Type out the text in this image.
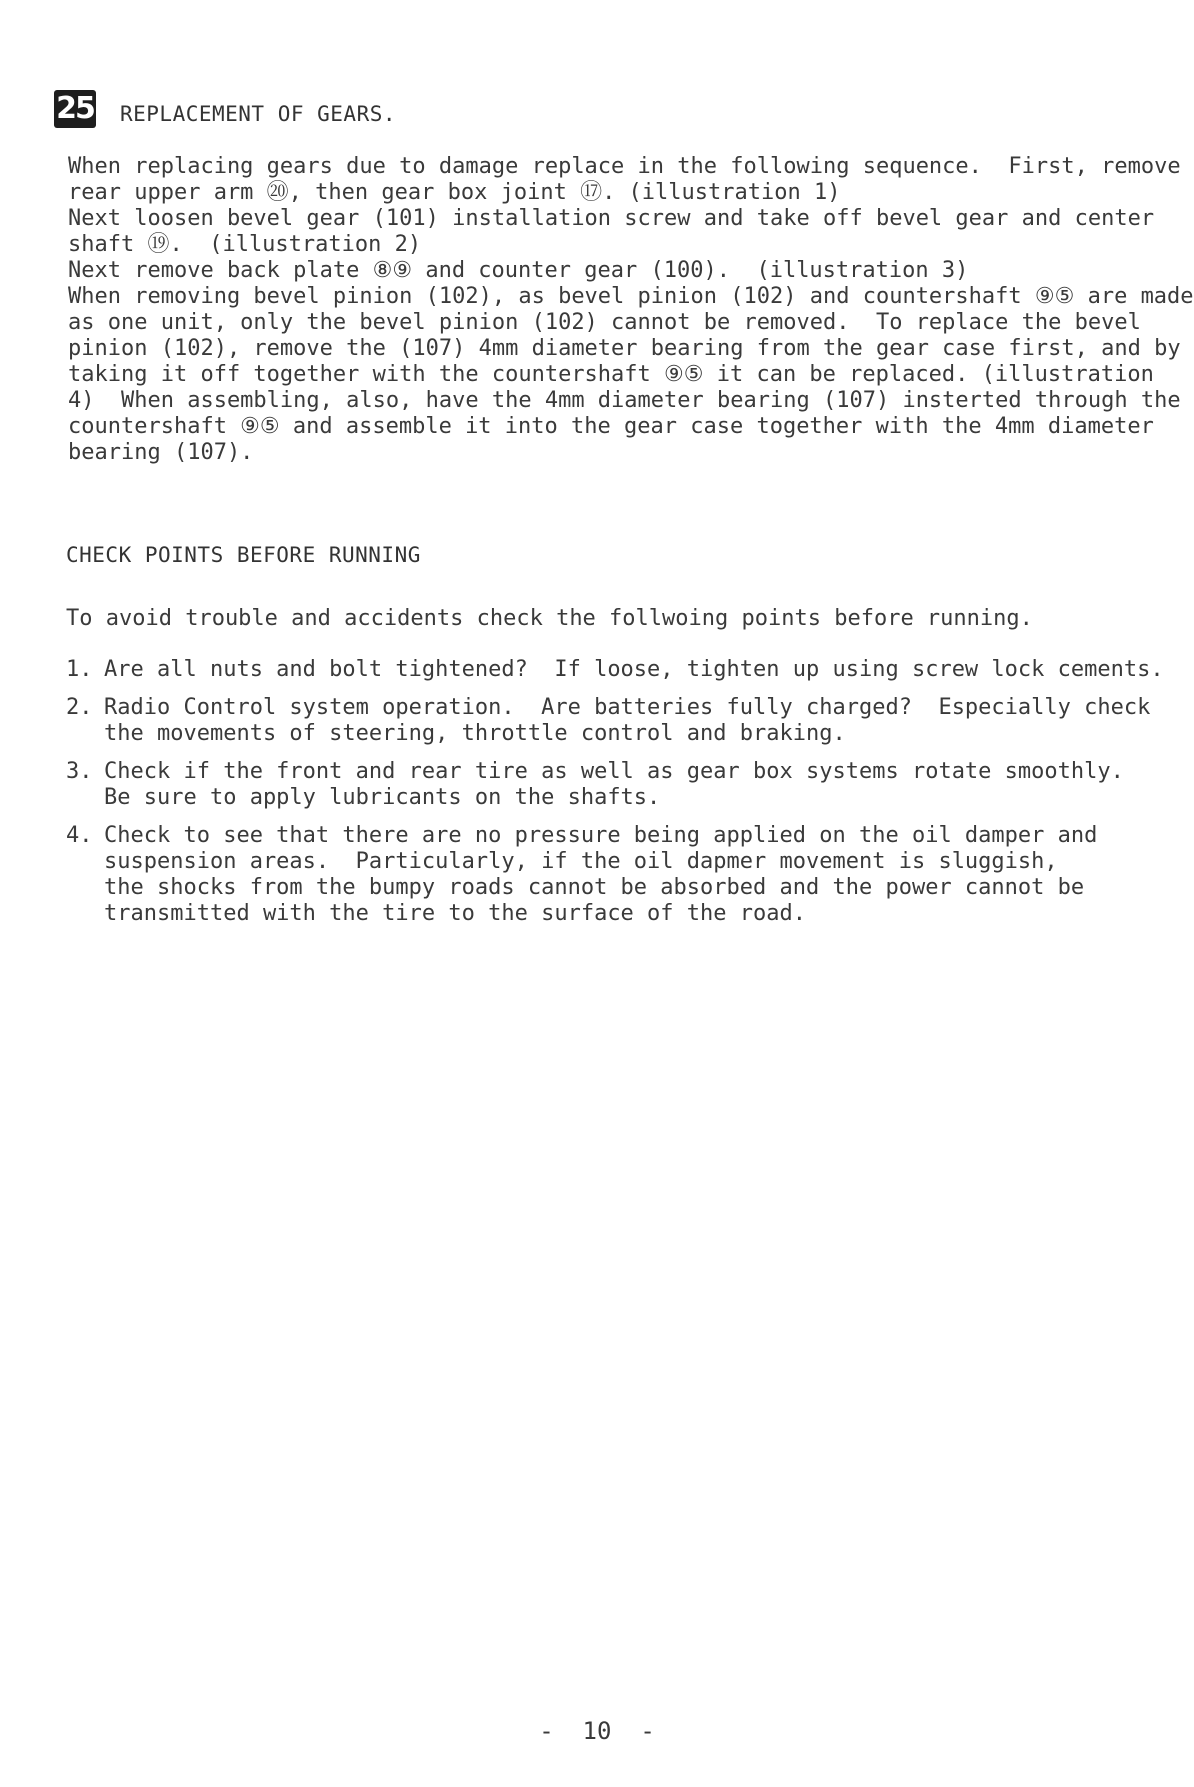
25 REPLACEMENT OF GEARS.
When replacing gears due to damage replace in the following sequence.  First, remove
rear upper arm ⑳, then gear box joint ⑰. (illustration 1)
Next loosen bevel gear (101) installation screw and take off bevel gear and center
shaft ⑲.  (illustration 2)
Next remove back plate ⑧⑨ and counter gear (100).  (illustration 3)
When removing bevel pinion (102), as bevel pinion (102) and countershaft ⑨⑤ are made
as one unit, only the bevel pinion (102) cannot be removed.  To replace the bevel
pinion (102), remove the (107) 4mm diameter bearing from the gear case first, and by
taking it off together with the countershaft ⑨⑤ it can be replaced. (illustration
4)  When assembling, also, have the 4mm diameter bearing (107) insterted through the
countershaft ⑨⑤ and assemble it into the gear case together with the 4mm diameter
bearing (107).
CHECK POINTS BEFORE RUNNING
To avoid trouble and accidents check the follwoing points before running.
1. Are all nuts and bolt tightened?  If loose, tighten up using screw lock cements.
2. Radio Control system operation.  Are batteries fully charged?  Especially check
the movements of steering, throttle control and braking.
3. Check if the front and rear tire as well as gear box systems rotate smoothly.
Be sure to apply lubricants on the shafts.
4. Check to see that there are no pressure being applied on the oil damper and
suspension areas.  Particularly, if the oil dapmer movement is sluggish,
the shocks from the bumpy roads cannot be absorbed and the power cannot be
transmitted with the tire to the surface of the road.
-  10  -
